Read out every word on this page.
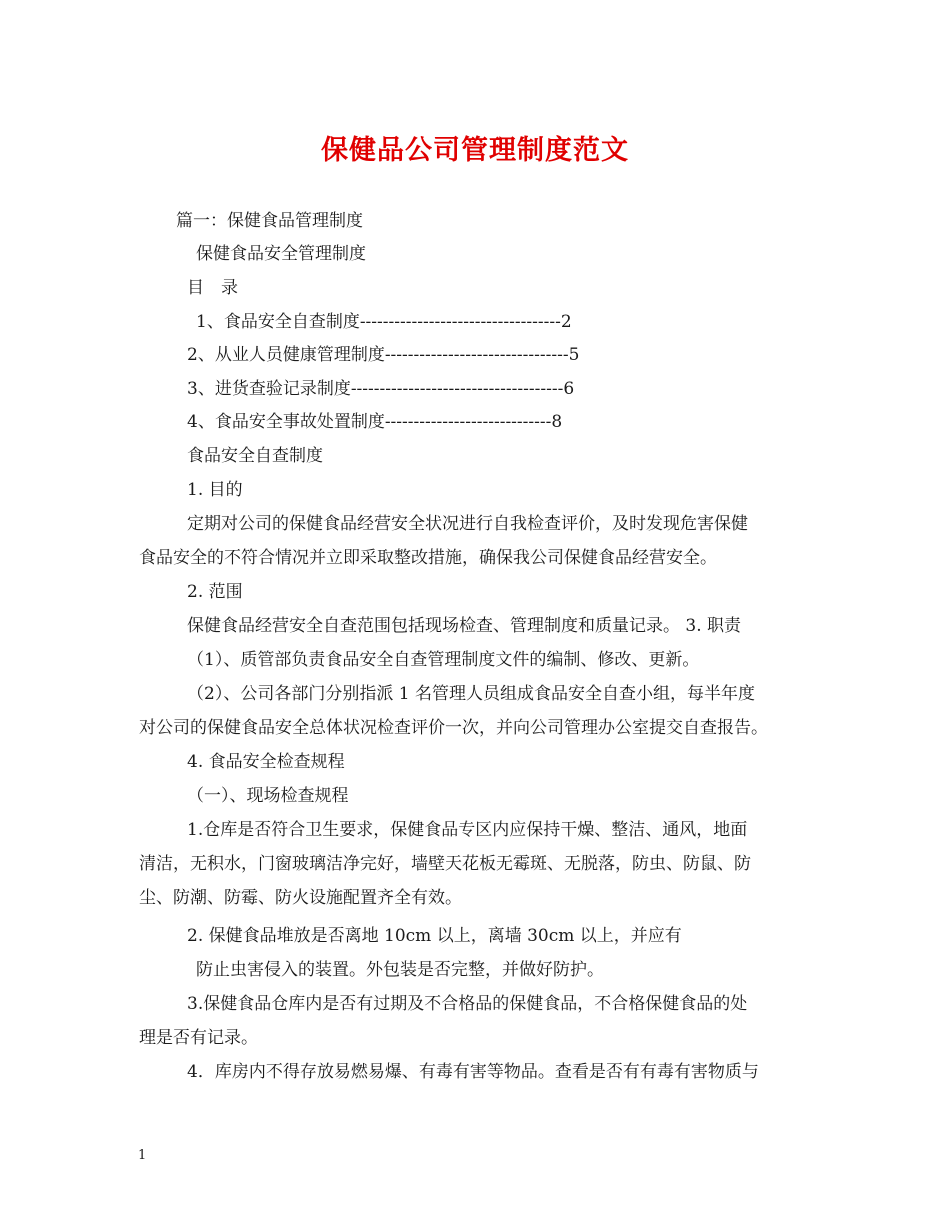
保健品公司管理制度范文
篇一：保健食品管理制度
保健食品安全管理制度
目　录
1、食品安全自查制度-----------------------------------2
2、从业人员健康管理制度--------------------------------5
3、进货查验记录制度-------------------------------------6
4、食品安全事故处置制度-----------------------------8
食品安全自查制度
1. 目的
定期对公司的保健食品经营安全状况进行自我检查评价，及时发现危害保健
食品安全的不符合情况并立即采取整改措施，确保我公司保健食品经营安全。
2. 范围
保健食品经营安全自查范围包括现场检查、管理制度和质量记录。 3. 职责
（1）、质管部负责食品安全自查管理制度文件的编制、修改、更新。
（2）、公司各部门分别指派 1 名管理人员组成食品安全自查小组，每半年度
对公司的保健食品安全总体状况检查评价一次，并向公司管理办公室提交自查报告。
4. 食品安全检查规程
（一）、现场检查规程
1.仓库是否符合卫生要求，保健食品专区内应保持干燥、整洁、通风，地面
清洁，无积水，门窗玻璃洁净完好，墙壁天花板无霉斑、无脱落，防虫、防鼠、防
尘、防潮、防霉、防火设施配置齐全有效。
2. 保健食品堆放是否离地 10cm 以上，离墙 30cm 以上，并应有
防止虫害侵入的装置。外包装是否完整，并做好防护。
3.保健食品仓库内是否有过期及不合格品的保健食品，不合格保健食品的处
理是否有记录。
4．库房内不得存放易燃易爆、有毒有害等物品。查看是否有有毒有害物质与
1
